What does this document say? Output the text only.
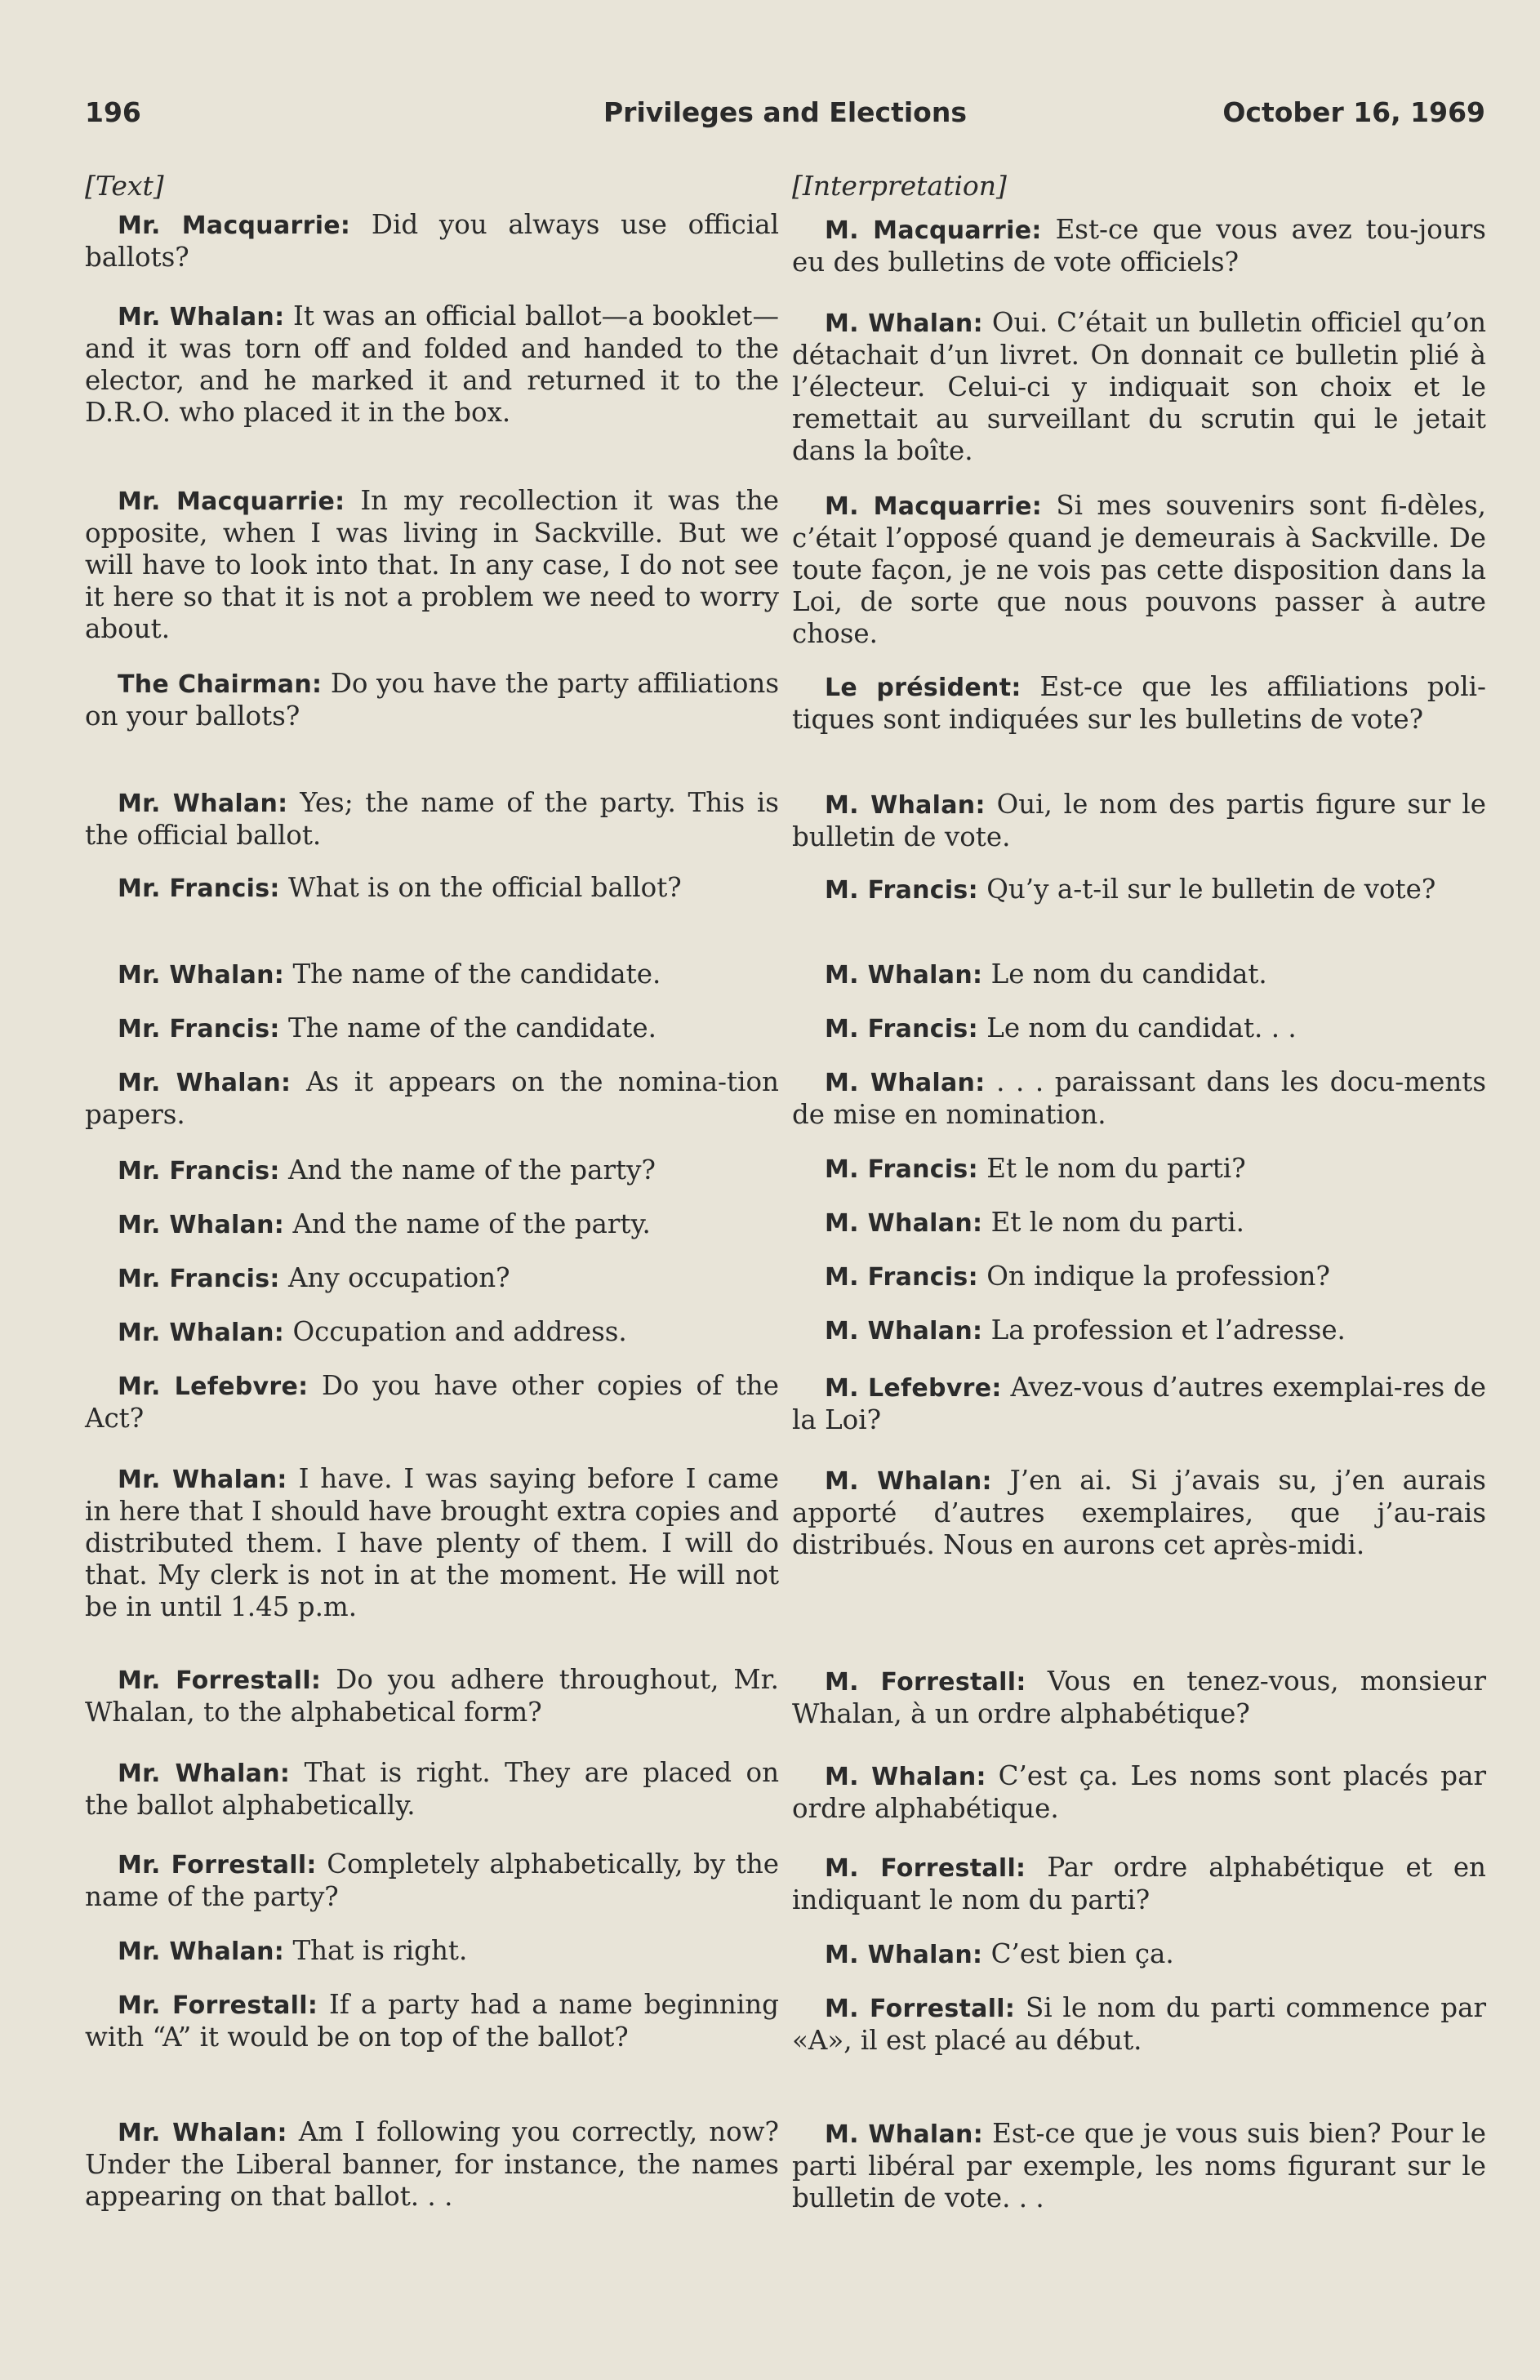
196	Privileges and Elections	October 16, 1969
[Text]

Mr. Macquarrie: Did you always use official ballots?

Mr. Whalan: It was an official ballot—a booklet—and it was torn off and folded and handed to the elector, and he marked it and returned it to the D.R.O. who placed it in the box.

Mr. Macquarrie: In my recollection it was the opposite, when I was living in Sackville. But we will have to look into that. In any case, I do not see it here so that it is not a problem we need to worry about.

The Chairman: Do you have the party affiliations on your ballots?

Mr. Whalan: Yes; the name of the party. This is the official ballot.

Mr. Francis: What is on the official ballot?

Mr. Whalan: The name of the candidate.

Mr. Francis: The name of the candidate.

Mr. Whalan: As it appears on the nomina-tion papers.

Mr. Francis: And the name of the party?

Mr. Whalan: And the name of the party.

Mr. Francis: Any occupation?

Mr. Whalan: Occupation and address.

Mr. Lefebvre: Do you have other copies of the Act?

Mr. Whalan: I have. I was saying before I came in here that I should have brought extra copies and distributed them. I have plenty of them. I will do that. My clerk is not in at the moment. He will not be in until 1.45 p.m.

Mr. Forrestall: Do you adhere throughout, Mr. Whalan, to the alphabetical form?

Mr. Whalan: That is right. They are placed on the ballot alphabetically.

Mr. Forrestall: Completely alphabetically, by the name of the party?

Mr. Whalan: That is right.

Mr. Forrestall: If a party had a name beginning with “A” it would be on top of the ballot?

Mr. Whalan: Am I following you correctly, now? Under the Liberal banner, for instance, the names appearing on that ballot. . .

[Interpretation]

M. Macquarrie: Est-ce que vous avez tou-jours eu des bulletins de vote officiels?

M. Whalan: Oui. C’était un bulletin officiel qu’on détachait d’un livret. On donnait ce bulletin plié à l’électeur. Celui-ci y indiquait son choix et le remettait au surveillant du scrutin qui le jetait dans la boîte.

M. Macquarrie: Si mes souvenirs sont fi-dèles, c’était l’opposé quand je demeurais à Sackville. De toute façon, je ne vois pas cette disposition dans la Loi, de sorte que nous pouvons passer à autre chose.

Le président: Est-ce que les affiliations poli-tiques sont indiquées sur les bulletins de vote?

M. Whalan: Oui, le nom des partis figure sur le bulletin de vote.

M. Francis: Qu’y a-t-il sur le bulletin de vote?

M. Whalan: Le nom du candidat.

M. Francis: Le nom du candidat. . .

M. Whalan: . . . paraissant dans les docu-ments de mise en nomination.

M. Francis: Et le nom du parti?

M. Whalan: Et le nom du parti.

M. Francis: On indique la profession?

M. Whalan: La profession et l’adresse.

M. Lefebvre: Avez-vous d’autres exemplai-res de la Loi?

M. Whalan: J’en ai. Si j’avais su, j’en aurais apporté d’autres exemplaires, que j’au-rais distribués. Nous en aurons cet après-midi.

M. Forrestall: Vous en tenez-vous, monsieur Whalan, à un ordre alphabétique?

M. Whalan: C’est ça. Les noms sont placés par ordre alphabétique.

M. Forrestall: Par ordre alphabétique et en indiquant le nom du parti?

M. Whalan: C’est bien ça.

M. Forrestall: Si le nom du parti commence par «A», il est placé au début.

M. Whalan: Est-ce que je vous suis bien? Pour le parti libéral par exemple, les noms figurant sur le bulletin de vote. . .
